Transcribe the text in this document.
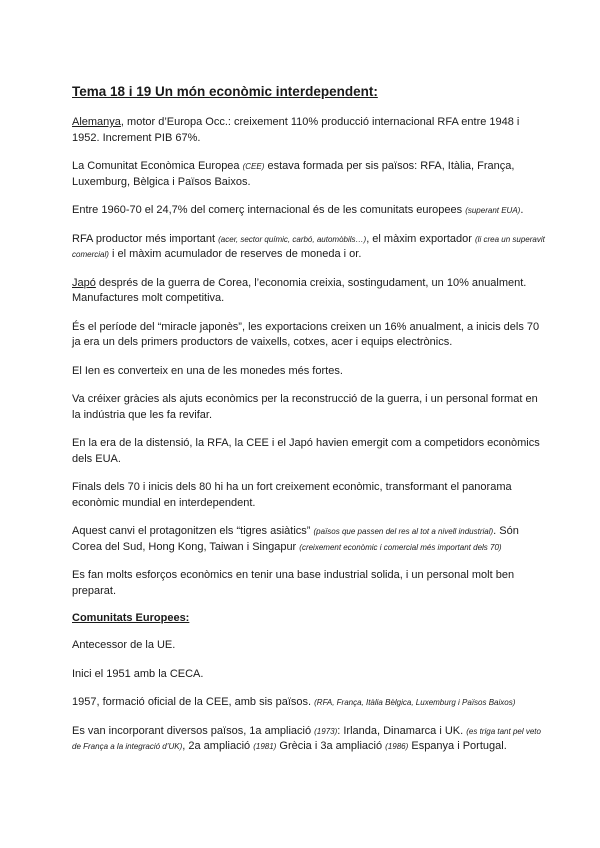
Tema 18 i 19 Un món econòmic interdependent:

Alemanya, motor d’Europa Occ.: creixement 110% producció internacional RFA entre 1948 i 1952. Increment PIB 67%.

La Comunitat Econòmica Europea (CEE) estava formada per sis països: RFA, Itàlia, França, Luxemburg, Bèlgica i Països Baixos.

Entre 1960-70 el 24,7% del comerç internacional és de les comunitats europees (superant EUA).

RFA productor més important (acer, sector químic, carbó, automòbils…), el màxim exportador (li crea un superavit comercial) i el màxim acumulador de reserves de moneda i or.

Japó després de la guerra de Corea, l’economia creixia, sostingudament, un 10% anualment. Manufactures molt competitiva.

És el període del “miracle japonès”, les exportacions creixen un 16% anualment, a inicis dels 70 ja era un dels primers productors de vaixells, cotxes, acer i equips electrònics.

El Ien es converteix en una de les monedes més fortes.

Va créixer gràcies als ajuts econòmics per la reconstrucció de la guerra, i un personal format en la indústria que les fa revifar.

En la era de la distensió, la RFA, la CEE i el Japó havien emergit com a competidors econòmics dels EUA.

Finals dels 70 i inicis dels 80 hi ha un fort creixement econòmic, transformant el panorama econòmic mundial en interdependent.

Aquest canvi el protagonitzen els “tigres asiàtics” (països que passen del res al tot a nivell industrial). Són Corea del Sud, Hong Kong, Taiwan i Singapur (creixement econòmic i comercial més important dels 70)

Es fan molts esforços econòmics en tenir una base industrial solida, i un personal molt ben preparat.

Comunitats Europees:

Antecessor de la UE.

Inici el 1951 amb la CECA.

1957, formació oficial de la CEE, amb sis països. (RFA, França, Itàlia Bèlgica, Luxemburg i Països Baixos)

Es van incorporant diversos països, 1a ampliació (1973): Irlanda, Dinamarca i UK. (es triga tant pel veto de França a la integració d’UK), 2a ampliació (1981) Grècia i 3a ampliació (1986) Espanya i Portugal.
